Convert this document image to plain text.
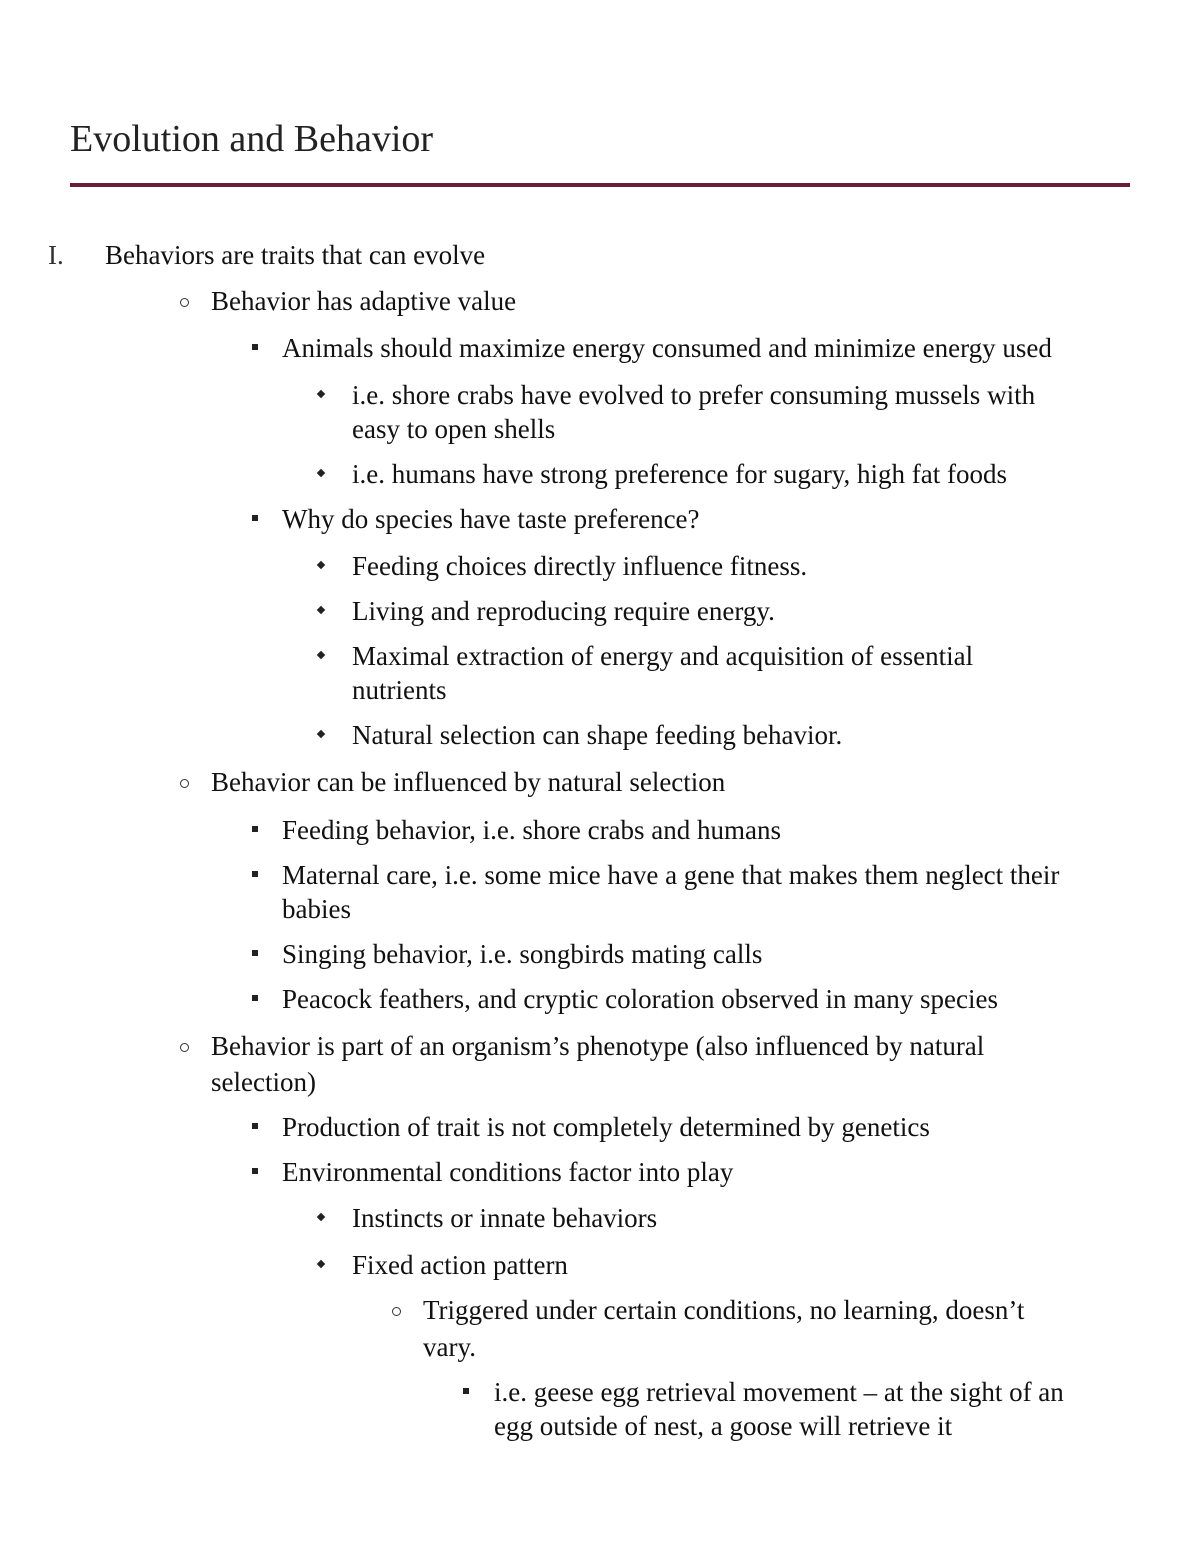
Evolution and Behavior
I. Behaviors are traits that can evolve
Behavior has adaptive value
Animals should maximize energy consumed and minimize energy used
i.e. shore crabs have evolved to prefer consuming mussels with
easy to open shells
i.e. humans have strong preference for sugary, high fat foods
Why do species have taste preference?
Feeding choices directly influence fitness.
Living and reproducing require energy.
Maximal extraction of energy and acquisition of essential
nutrients
Natural selection can shape feeding behavior.
Behavior can be influenced by natural selection
Feeding behavior, i.e. shore crabs and humans
Maternal care, i.e. some mice have a gene that makes them neglect their
babies
Singing behavior, i.e. songbirds mating calls
Peacock feathers, and cryptic coloration observed in many species
Behavior is part of an organism’s phenotype (also influenced by natural
selection)
Production of trait is not completely determined by genetics
Environmental conditions factor into play
Instincts or innate behaviors
Fixed action pattern
Triggered under certain conditions, no learning, doesn’t
vary.
i.e. geese egg retrieval movement – at the sight of an
egg outside of nest, a goose will retrieve it
